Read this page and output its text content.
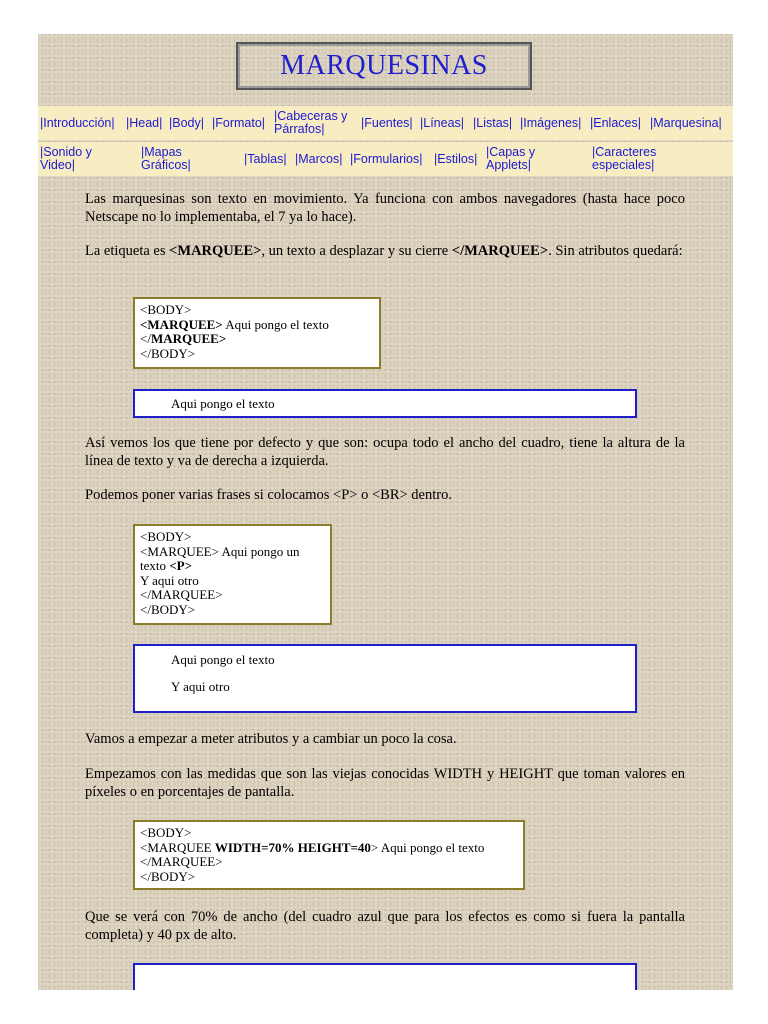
MARQUESINAS
|Introducción| |Head| |Body| |Formato| |Cabeceras y Párrafos|	|Fuentes| |Líneas| |Listas| |Imágenes| |Enlaces| |Marquesina|
|Sonido y Video|
|Mapas Gráficos|	|Tablas| |Marcos| |Formularios| |Estilos| |Capas y Applets|
|Caracteres especiales|
Las marquesinas son texto en movimiento. Ya funciona con ambos navegadores (hasta hace poco Netscape no lo implementaba, el 7 ya lo hace).
La etiqueta es <MARQUEE>, un texto a desplazar y su cierre </MARQUEE>. Sin atributos quedará:
<BODY>
<MARQUEE> Aqui pongo el texto
</MARQUEE>
</BODY>
Aqui pongo el texto
Así vemos los que tiene por defecto y que son: ocupa todo el ancho del cuadro, tiene la altura de la línea de texto y va de derecha a izquierda.
Podemos poner varias frases si colocamos <P> o <BR> dentro.
<BODY>
<MARQUEE> Aqui pongo un
texto <P>
Y aqui otro
</MARQUEE>
</BODY>
Aqui pongo el texto
Y aqui otro
Vamos a empezar a meter atributos y a cambiar un poco la cosa.
Empezamos con las medidas que son las viejas conocidas WIDTH y HEIGHT que toman valores en píxeles o en porcentajes de pantalla.
<BODY>
<MARQUEE WIDTH=70% HEIGHT=40> Aqui pongo el texto
</MARQUEE>
</BODY>
Que se verá con 70% de ancho (del cuadro azul que para los efectos es como si fuera la pantalla completa) y 40 px de alto.
